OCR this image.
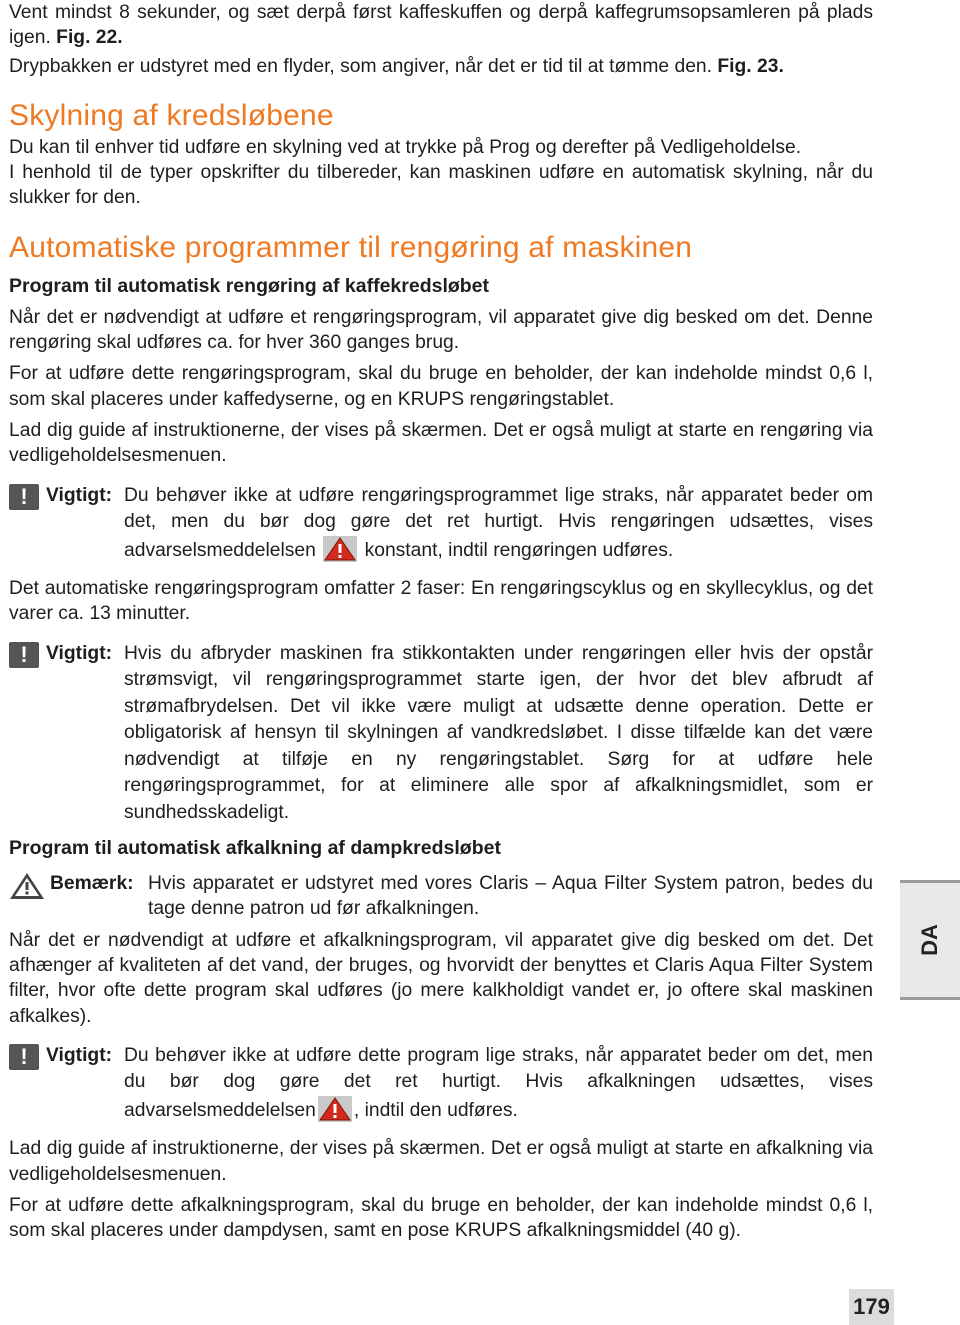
Vent mindst 8 sekunder, og sæt derpå først kaffeskuffen og derpå kaffegrumsopsamleren på plads igen. Fig. 22.

Drypbakken er udstyret med en flyder, som angiver, når det er tid til at tømme den. Fig. 23.

Skylning af kredsløbene

Du kan til enhver tid udføre en skylning ved at trykke på Prog og derefter på Vedligeholdelse.

I henhold til de typer opskrifter du tilbereder, kan maskinen udføre en automatisk skylning, når du slukker for den.

Automatiske programmer til rengøring af maskinen
Program til automatisk rengøring af kaffekredsløbet

Når det er nødvendigt at udføre et rengøringsprogram, vil apparatet give dig besked om det. Denne rengøring skal udføres ca. for hver 360 ganges brug.

For at udføre dette rengøringsprogram, skal du bruge en beholder, der kan indeholde mindst 0,6 l, som skal placeres under kaffedyserne, og en KRUPS rengøringstablet.

Lad dig guide af instruktionerne, der vises på skærmen. Det er også muligt at starte en rengøring via vedligeholdelsesmenuen.

! Vigtigt: Du behøver ikke at udføre rengøringsprogrammet lige straks, når apparatet beder om det, men du bør dog gøre det ret hurtigt. Hvis rengøringen udsættes, vises advarselsmeddelelsen	konstant, indtil rengøringen udføres.

Det automatiske rengøringsprogram omfatter 2 faser: En rengøringscyklus og en skyllecyklus, og det varer ca. 13 minutter.

! Vigtigt: Hvis du afbryder maskinen fra stikkontakten under rengøringen eller hvis der opstår strømsvigt, vil rengøringsprogrammet starte igen, der hvor det blev afbrudt af strømafbrydelsen. Det vil ikke være muligt at udsætte denne operation. Dette er obligatorisk af hensyn til skylningen af vandkredsløbet. I disse tilfælde kan det være nødvendigt at tilføje en ny rengøringstablet. Sørg for at udføre hele rengøringsprogrammet, for at eliminere alle spor af afkalkningsmidlet, som er sundhedsskadeligt.

Program til automatisk afkalkning af dampkredsløbet
Bemærk: Hvis apparatet er udstyret med vores Claris – Aqua Filter System patron, bedes du tage denne patron ud før afkalkningen.

Når det er nødvendigt at udføre et afkalkningsprogram, vil apparatet give dig besked om det. Det afhænger af kvaliteten af det vand, der bruges, og hvorvidt der benyttes et Claris Aqua Filter System filter, hvor ofte dette program skal udføres (jo mere kalkholdigt vandet er, jo oftere skal maskinen afkalkes).

! Vigtigt: Du behøver ikke at udføre dette program lige straks, når apparatet beder om det, men du bør dog gøre det ret hurtigt. Hvis afkalkningen udsættes, vises advarselsmeddelelsen , indtil den udføres.

Lad dig guide af instruktionerne, der vises på skærmen. Det er også muligt at starte en afkalkning via vedligeholdelsesmenuen.

For at udføre dette afkalkningsprogram, skal du bruge en beholder, der kan indeholde mindst 0,6 l, som skal placeres under dampdysen, samt en pose KRUPS afkalkningsmiddel (40 g).

DA
179
